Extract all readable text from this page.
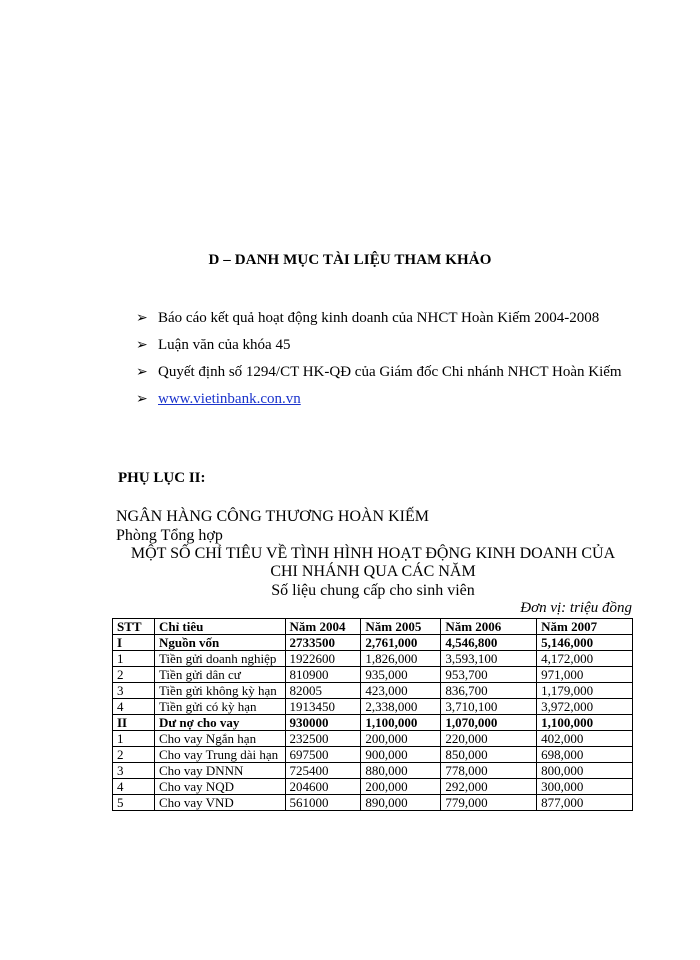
D – DANH MỤC TÀI LIỆU THAM KHẢO
➢ Báo cáo kết quả hoạt động kinh doanh của NHCT Hoàn Kiếm 2004-2008
➢ Luận văn của khóa 45
➢ Quyết định số 1294/CT HK-QĐ của Giám đốc Chi nhánh NHCT Hoàn Kiếm
➢ www.vietinbank.con.vn
PHỤ LỤC II:
NGÂN HÀNG CÔNG THƯƠNG HOÀN KIẾM
Phòng Tổng hợp
MỘT SỐ CHỈ TIÊU VỀ TÌNH HÌNH HOẠT ĐỘNG KINH DOANH CỦA
CHI NHÁNH QUA CÁC NĂM
Số liệu chung cấp cho sinh viên
Đơn vị: triệu đồng
STT	Chỉ tiêu	Năm 2004	Năm 2005	Năm 2006	Năm 2007
I	Nguồn vốn	2733500	2,761,000	4,546,800	5,146,000
1	Tiền gửi doanh nghiệp	1922600	1,826,000	3,593,100	4,172,000
2	Tiền gửi dân cư	810900	935,000	953,700	971,000
3	Tiền gửi không kỳ hạn	82005	423,000	836,700	1,179,000
4	Tiền gửi có kỳ hạn	1913450	2,338,000	3,710,100	3,972,000
II	Dư nợ cho vay	930000	1,100,000	1,070,000	1,100,000
1	Cho vay Ngắn hạn	232500	200,000	220,000	402,000
2	Cho vay Trung dài hạn	697500	900,000	850,000	698,000
3	Cho vay DNNN	725400	880,000	778,000	800,000
4	Cho vay NQD	204600	200,000	292,000	300,000
5	Cho vay VND	561000	890,000	779,000	877,000
